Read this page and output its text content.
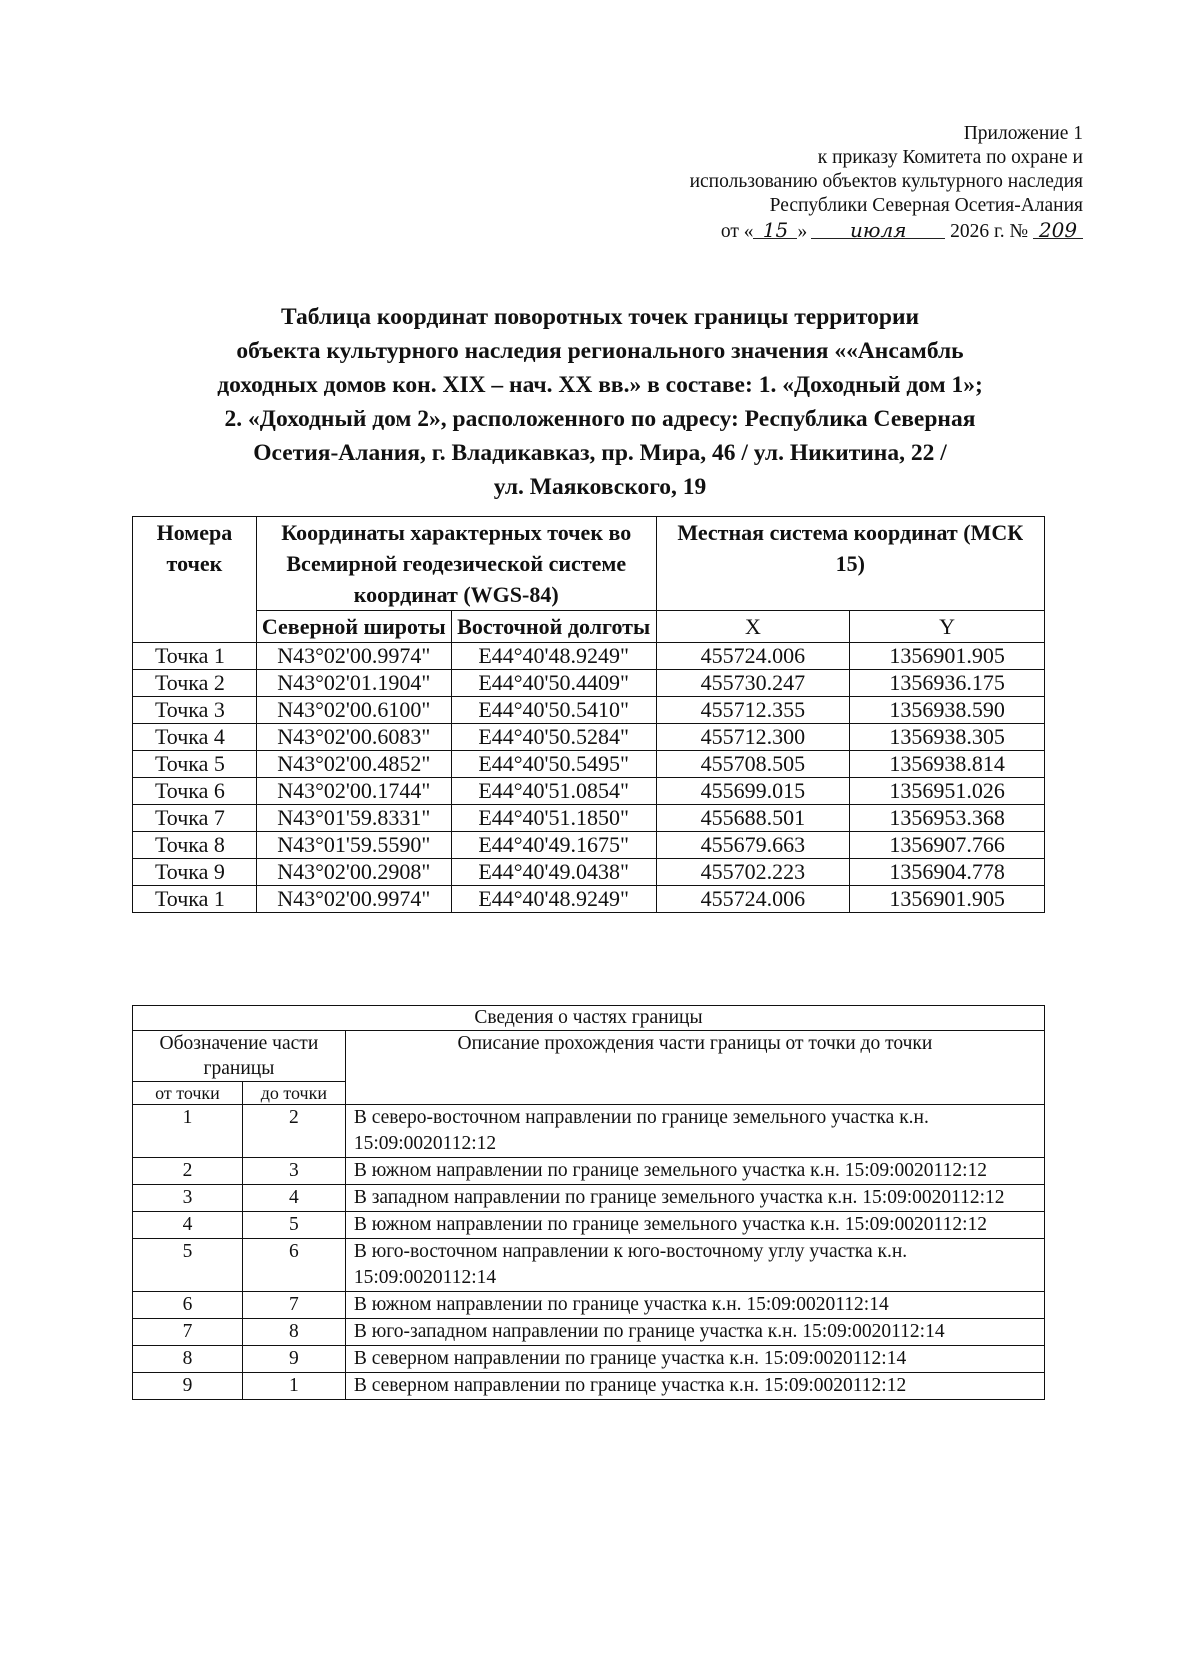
Приложение 1
к приказу Комитета по охране и
использованию объектов культурного наследия
Республики Северная Осетия-Алания
от « 15 » июля 2026 г. № 209
Таблица координат поворотных точек границы территории
объекта культурного наследия регионального значения ««Ансамбль
доходных домов кон. XIX – нач. XX вв.» в составе: 1. «Доходный дом 1»;
2. «Доходный дом 2», расположенного по адресу: Республика Северная
Осетия-Алания, г. Владикавказ, пр. Мира, 46 / ул. Никитина, 22 /
ул. Маяковского, 19
Номера точек	Координаты характерных точек во Всемирной геодезической системе координат (WGS-84)		Местная система координат (МСК 15)	
	Северной широты	Восточной долготы	X	Y
Точка 1	N43°02'00.9974"	E44°40'48.9249"	455724.006	1356901.905
Точка 2	N43°02'01.1904"	E44°40'50.4409"	455730.247	1356936.175
Точка 3	N43°02'00.6100"	E44°40'50.5410"	455712.355	1356938.590
Точка 4	N43°02'00.6083"	E44°40'50.5284"	455712.300	1356938.305
Точка 5	N43°02'00.4852"	E44°40'50.5495"	455708.505	1356938.814
Точка 6	N43°02'00.1744"	E44°40'51.0854"	455699.015	1356951.026
Точка 7	N43°01'59.8331"	E44°40'51.1850"	455688.501	1356953.368
Точка 8	N43°01'59.5590"	E44°40'49.1675"	455679.663	1356907.766
Точка 9	N43°02'00.2908"	E44°40'49.0438"	455702.223	1356904.778
Точка 1	N43°02'00.9974"	E44°40'48.9249"	455724.006	1356901.905
Сведения о частях границы		
Обозначение части границы		Описание прохождения части границы от точки до точки
от точки	до точки	
1	2	В северо-восточном направлении по границе земельного участка к.н. 15:09:0020112:12
2	3	В южном направлении по границе земельного участка к.н. 15:09:0020112:12
3	4	В западном направлении по границе земельного участка к.н. 15:09:0020112:12
4	5	В южном направлении по границе земельного участка к.н. 15:09:0020112:12
5	6	В юго-восточном направлении к юго-восточному углу участка к.н. 15:09:0020112:14
6	7	В южном направлении по границе участка к.н. 15:09:0020112:14
7	8	В юго-западном направлении по границе участка к.н. 15:09:0020112:14
8	9	В северном направлении по границе участка к.н. 15:09:0020112:14
9	1	В северном направлении по границе участка к.н. 15:09:0020112:12
